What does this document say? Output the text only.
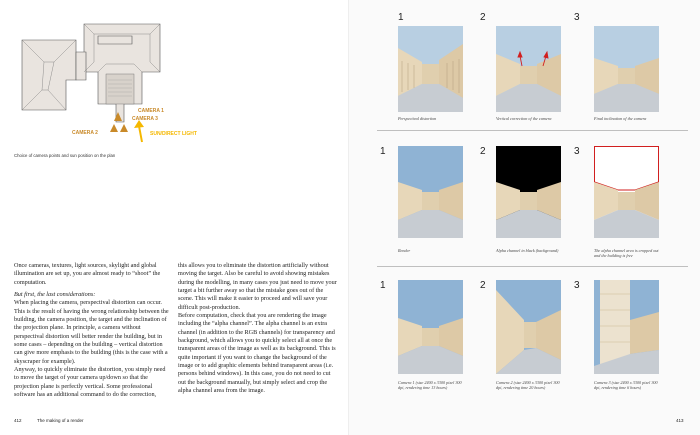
CAMERA 1
CAMERA 3
CAMERA 2	SUN/DIRECT LIGHT
Choice of camera points and sun position on the plan

Once cameras, textures, light sources, skylight and global illumination are set up, you are almost ready to “shoot” the computation.

But first, the last considerations:

When placing the camera, perspectival distortion can occur. This is the result of having the wrong relationship between the building, the camera position, the target and the inclination of the projection plane. In principle, a camera without perspectival distortion will better render the building, but in some cases – depending on the building – vertical distortion can give more emphasis to the building (this is the case with a skyscraper for example).

Anyway, to quickly eliminate the distortion, you simply need to move the target of your camera up/down so that the projection plane is perfectly vertical. Some professional software has an additional command to do the correction,

this allows you to eliminate the distortion artificially without moving the target. Also be careful to avoid showing mistakes during the modelling, in many cases you just need to move your target a bit further away so that the mistake goes out of the scene. This will make it easier to proceed and will save your difficult post-production.

Before computation, check that you are rendering the image including the “alpha channel”. The alpha channel is an extra channel (in addition to the RGB channels) for transparency and background, which allows you to quickly select all at once the transparent areas of the image as well as its background. This is quite important if you want to change the background of the image or to add graphic elements behind transparent areas (i.e. persons behind windows). In this case, you do not need to cut out the background manually, but simply select and crop the alpha channel area from the image.

412	The making of a render
1	2	3
Perspectival distortion	Vertical correction of the camera	Final inclination of the camera
1	2	3
Render	Alpha channel in black (background)	The alpha channel area is cropped out and the building is free
1	2	3
Camera 1 (size 2400 x 3300 pixel 300 dpi, rendering time 13 hours)
Camera 2 (size 2400 x 3300 pixel 300 dpi, rendering time 20 hours)
Camera 3 (size 2400 x 3300 pixel 300 dpi, rendering time 6 hours)
413
